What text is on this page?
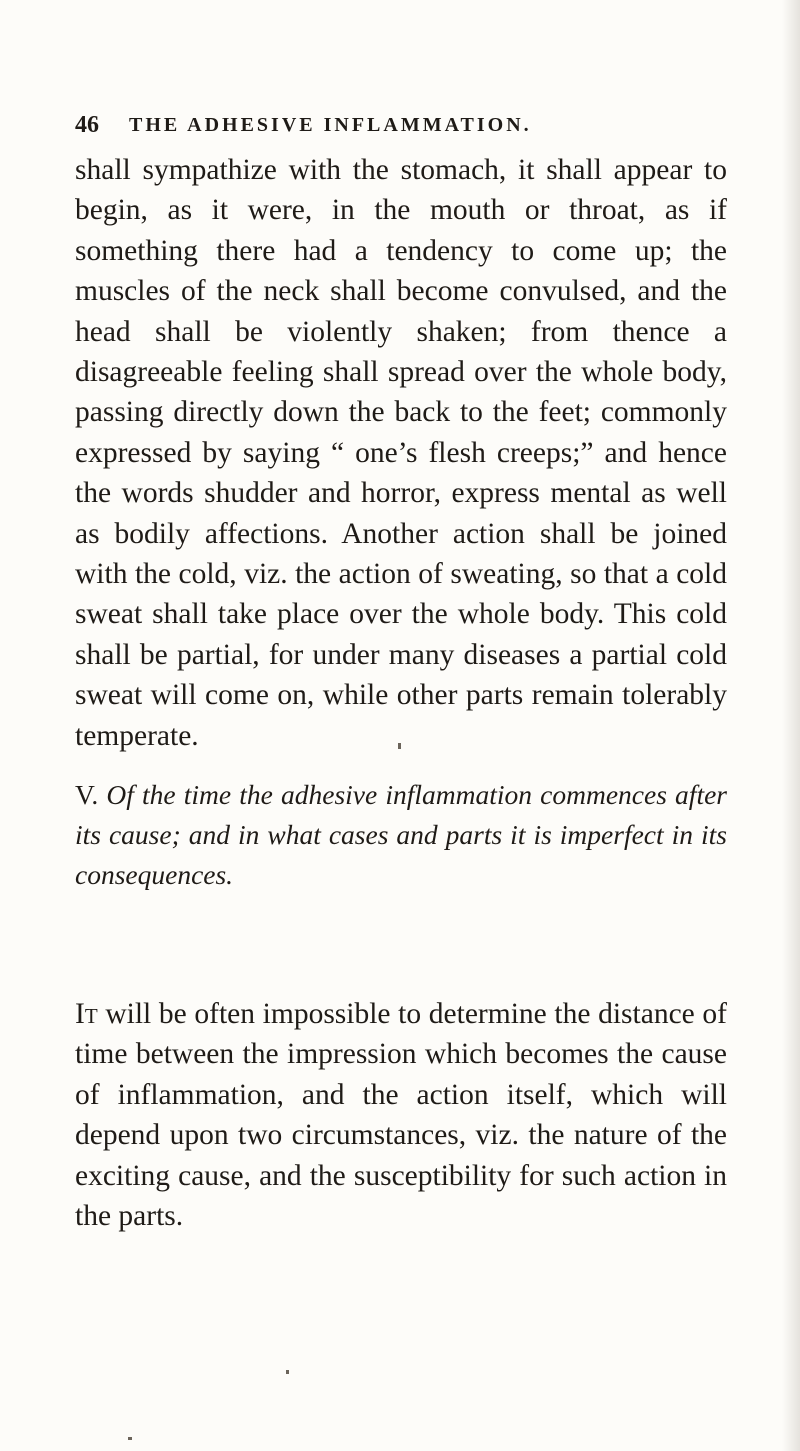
46 THE ADHESIVE INFLAMMATION.

shall sympathize with the stomach, it shall appear to begin, as it were, in the mouth or throat, as if something there had a tendency to come up; the muscles of the neck shall become convulsed, and the head shall be violently shaken; from thence a disagreeable feeling shall spread over the whole body, passing directly down the back to the feet; commonly expressed by saying “ one’s flesh creeps;” and hence the words shudder and horror, express mental as well as bodily affections. Another action shall be joined with the cold, viz. the action of sweating, so that a cold sweat shall take place over the whole body. This cold shall be partial, for under many diseases a partial cold sweat will come on, while other parts remain tolerably temperate.

V. Of the time the adhesive inflammation commences after its cause; and in what cases and parts it is imperfect in its consequences.

It will be often impossible to determine the distance of time between the impression which becomes the cause of inflammation, and the action itself, which will depend upon two circumstances, viz. the nature of the exciting cause, and the susceptibility for such action in the parts.
